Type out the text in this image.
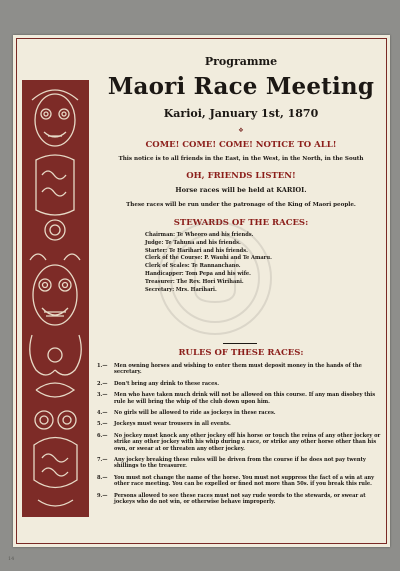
Programme
Maori Race Meeting
Karioi, January 1st, 1870
❖
COME! COME! COME! NOTICE TO ALL!
This notice is to all friends in the East, in the West, in the North, in the South
OH, FRIENDS LISTEN!
Horse races will be held at KARIOI.
These races will be run under the patronage of the King of Maori people.
STEWARDS OF THE RACES:
Chairman: Te Wheoro and his friends.
Judge: Te Tahuna and his friends.
Starter: Te Harihari and his friends.
Clerk of the Course: P. Wauhi and Te Amaru.
Clerk of Scales: Te Rannanchano.
Handicapper: Tom Pepa and his wife.
Treasurer: The Rev. Hori Wirihani.
Secretary: Mrs. Harihari.
RULES OF THESE RACES:
1.— Men owning horses and wishing to enter them must deposit money in the hands of the secretary.
2.— Don't bring any drink to these races.
3.— Men who have taken much drink will not be allowed on this course. If any man disobey this rule he will bring the whip of the club down upon him.
4.— No girls will be allowed to ride as jockeys in these races.
5.— Jockeys must wear trousers in all events.
6.— No jockey must knock any other jockey off his horse or touch the reins of any other jockey or strike any other jockey with his whip during a race, or strike any other horse other than his own, or swear at or threaten any other jockey.
7.— Any jockey breaking these rules will be driven from the course if he does not pay twenty shillings to the treasurer.
8.— You must not change the name of the horse. You must not suppress the fact of a win at any other race meeting. You can be expelled or fined not more than 50s. if you break this rule.
9.— Persons allowed to see these races must not say rude words to the stewards, or swear at jockeys who do not win, or otherwise behave improperly.
14
